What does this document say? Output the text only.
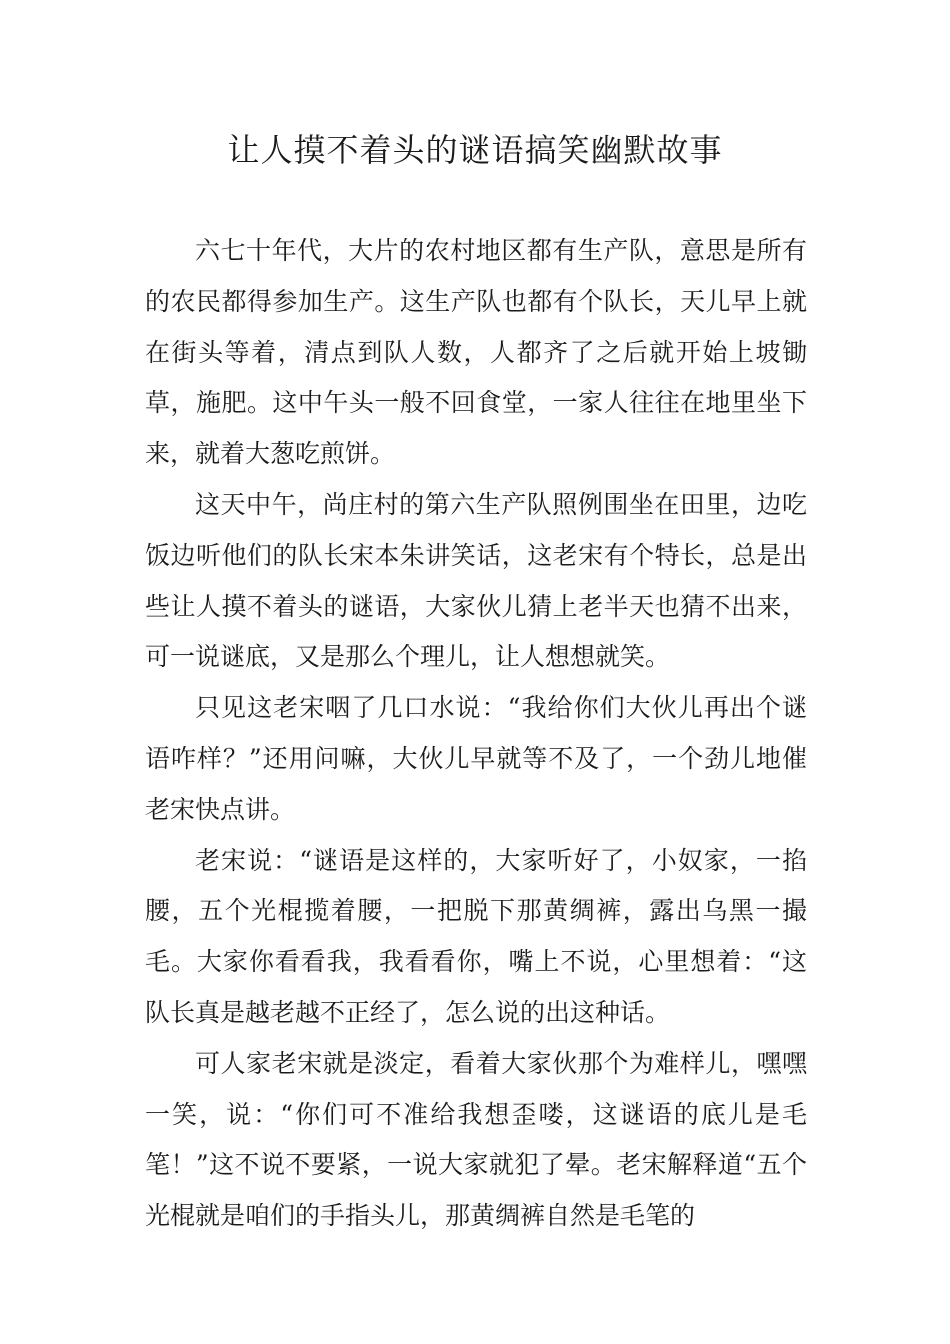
让人摸不着头的谜语搞笑幽默故事

六七十年代，大片的农村地区都有生产队，意思是所有的农民都得参加生产。这生产队也都有个队长，天儿早上就在街头等着，清点到队人数，人都齐了之后就开始上坡锄草，施肥。这中午头一般不回食堂，一家人往往在地里坐下来，就着大葱吃煎饼。

这天中午，尚庄村的第六生产队照例围坐在田里，边吃饭边听他们的队长宋本朱讲笑话，这老宋有个特长，总是出些让人摸不着头的谜语，大家伙儿猜上老半天也猜不出来，可一说谜底，又是那么个理儿，让人想想就笑。

只见这老宋咽了几口水说：“我给你们大伙儿再出个谜语咋样？”还用问嘛，大伙儿早就等不及了，一个劲儿地催老宋快点讲。

老宋说：“谜语是这样的，大家听好了，小奴家，一掐腰，五个光棍揽着腰，一把脱下那黄绸裤，露出乌黑一撮毛。大家你看看我，我看看你，嘴上不说，心里想着：“这队长真是越老越不正经了，怎么说的出这种话。

可人家老宋就是淡定，看着大家伙那个为难样儿，嘿嘿一笑，说：“你们可不准给我想歪喽，这谜语的底儿是毛笔！”这不说不要紧，一说大家就犯了晕。老宋解释道“五个光棍就是咱们的手指头儿，那黄绸裤自然是毛笔的
